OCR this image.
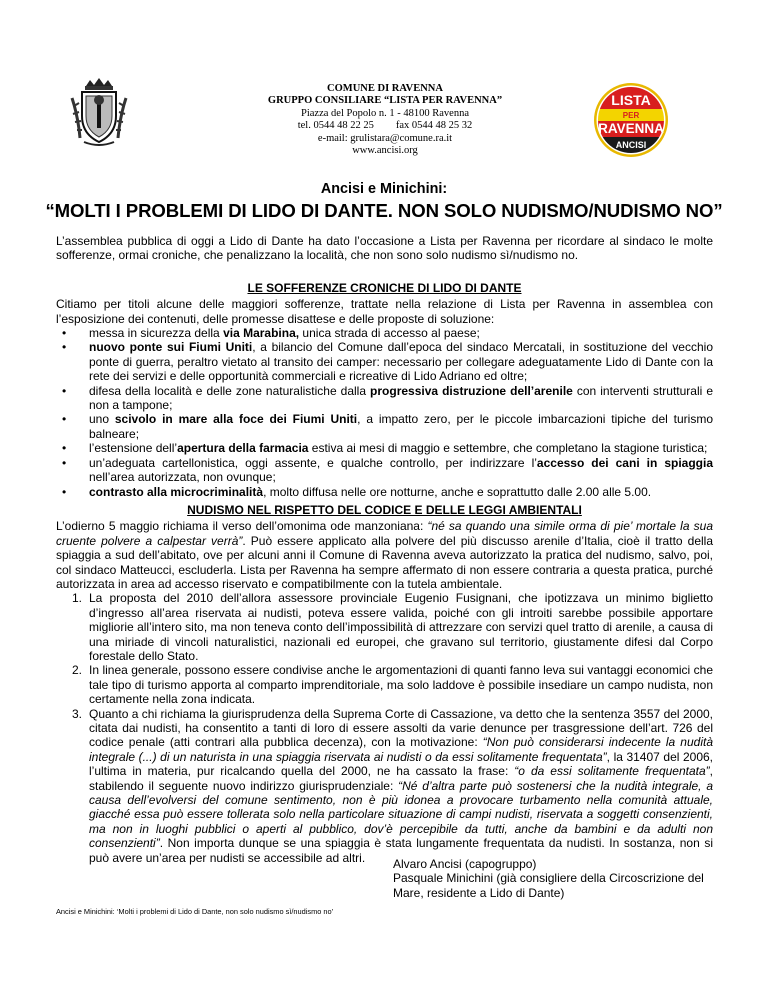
COMUNE DI RAVENNA
GRUPPO CONSILIARE “LISTA PER RAVENNA”
Piazza del Popolo n. 1 - 48100 Ravenna
tel. 0544 48 22 25 fax 0544 48 25 32
e-mail: grulistara@comune.ra.it
www.ancisi.org
LISTA
PER
RAVENNA
ANCISI
Ancisi e Minichini:
“MOLTI I PROBLEMI DI LIDO DI DANTE. NON SOLO NUDISMO/NUDISMO NO”

L’assemblea pubblica di oggi a Lido di Dante ha dato l’occasione a Lista per Ravenna per ricordare al sindaco le molte sofferenze, ormai croniche, che penalizzano la località, che non sono solo nudismo sì/nudismo no.

LE SOFFERENZE CRONICHE DI LIDO DI DANTE

Citiamo per titoli alcune delle maggiori sofferenze, trattate nella relazione di Lista per Ravenna in assemblea con l’esposizione dei contenuti, delle promesse disattese e delle proposte di soluzione:

• messa in sicurezza della via Marabina, unica strada di accesso al paese;
• nuovo ponte sui Fiumi Uniti, a bilancio del Comune dall’epoca del sindaco Mercatali, in sostituzione del vecchio ponte di guerra, peraltro vietato al transito dei camper: necessario per collegare adeguatamente Lido di Dante con la rete dei servizi e delle opportunità commerciali e ricreative di Lido Adriano ed oltre;
• difesa della località e delle zone naturalistiche dalla progressiva distruzione dell’arenile con interventi strutturali e non a tampone;
• uno scivolo in mare alla foce dei Fiumi Uniti, a impatto zero, per le piccole imbarcazioni tipiche del turismo balneare;
• l’estensione dell’apertura della farmacia estiva ai mesi di maggio e settembre, che completano la stagione turistica;
• un’adeguata cartellonistica, oggi assente, e qualche controllo, per indirizzare l’accesso dei cani in spiaggia nell’area autorizzata, non ovunque;
• contrasto alla microcriminalità, molto diffusa nelle ore notturne, anche e soprattutto dalle 2.00 alle 5.00.
NUDISMO NEL RISPETTO DEL CODICE E DELLE LEGGI AMBIENTALI

L’odierno 5 maggio richiama il verso dell’omonima ode manzoniana: “né sa quando una simile orma di pie’ mortale la sua cruente polvere a calpestar verrà”. Può essere applicato alla polvere del più discusso arenile d’Italia, cioè il tratto della spiaggia a sud dell’abitato, ove per alcuni anni il Comune di Ravenna aveva autorizzato la pratica del nudismo, salvo, poi, col sindaco Matteucci, escluderla. Lista per Ravenna ha sempre affermato di non essere contraria a questa pratica, purché autorizzata in area ad accesso riservato e compatibilmente con la tutela ambientale.

1. La proposta del 2010 dell’allora assessore provinciale Eugenio Fusignani, che ipotizzava un minimo biglietto d’ingresso all’area riservata ai nudisti, poteva essere valida, poiché con gli introiti sarebbe possibile apportare migliorie all’intero sito, ma non teneva conto dell’impossibilità di attrezzare con servizi quel tratto di arenile, a causa di una miriade di vincoli naturalistici, nazionali ed europei, che gravano sul territorio, giustamente difesi dal Corpo forestale dello Stato.
2. In linea generale, possono essere condivise anche le argomentazioni di quanti fanno leva sui vantaggi economici che tale tipo di turismo apporta al comparto imprenditoriale, ma solo laddove è possibile insediare un campo nudista, non certamente nella zona indicata.
3. Quanto a chi richiama la giurisprudenza della Suprema Corte di Cassazione, va detto che la sentenza 3557 del 2000, citata dai nudisti, ha consentito a tanti di loro di essere assolti da varie denunce per trasgressione dell’art. 726 del codice penale (atti contrari alla pubblica decenza), con la motivazione: “Non può considerarsi indecente la nudità integrale (...) di un naturista in una spiaggia riservata ai nudisti o da essi solitamente frequentata”, la 31407 del 2006, l’ultima in materia, pur ricalcando quella del 2000, ne ha cassato la frase: “o da essi solitamente frequentata”, stabilendo il seguente nuovo indirizzo giurisprudenziale: “Né d’altra parte può sostenersi che la nudità integrale, a causa dell’evolversi del comune sentimento, non è più idonea a provocare turbamento nella comunità attuale, giacché essa può essere tollerata solo nella particolare situazione di campi nudisti, riservata a soggetti consenzienti, ma non in luoghi pubblici o aperti al pubblico, dov’è percepibile da tutti, anche da bambini e da adulti non consenzienti”. Non importa dunque se una spiaggia è stata lungamente frequentata da nudisti. In sostanza, non si può avere un’area per nudisti se accessibile ad altri.	Alvaro Ancisi (capogruppo)
Pasquale Minichini (già consigliere della Circoscrizione del Mare, residente a Lido di Dante)
Ancisi e Minichini: ‘Molti i problemi di Lido di Dante, non solo nudismo sì/nudismo no’
